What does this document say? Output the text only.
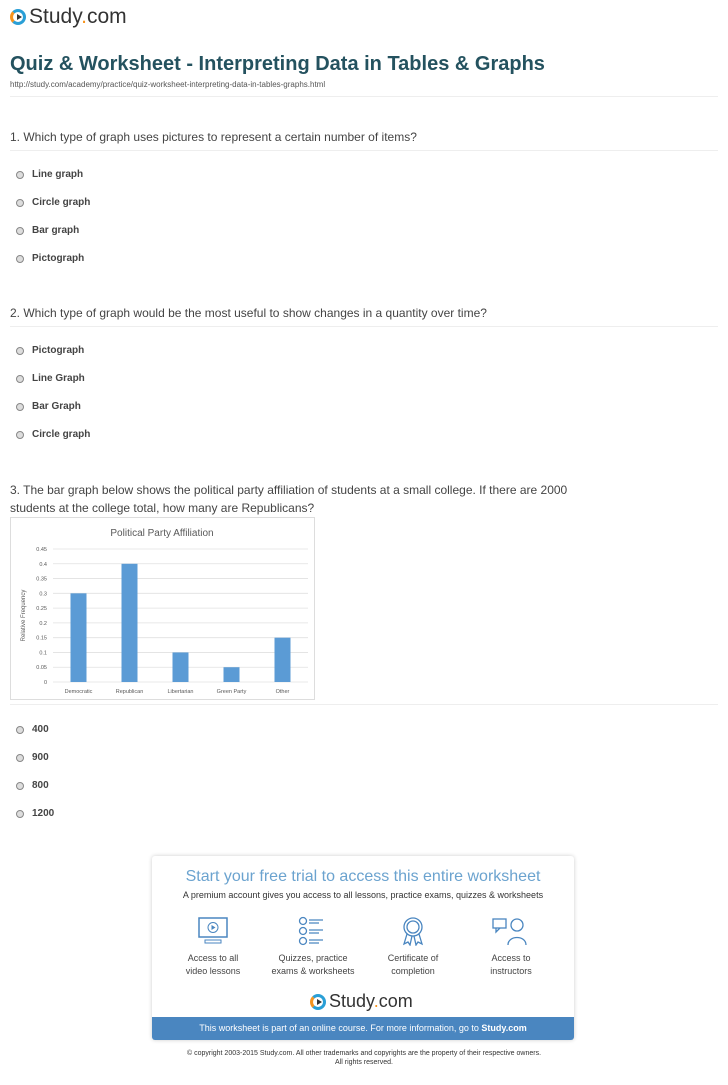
Study.com
Quiz & Worksheet - Interpreting Data in Tables & Graphs
http://study.com/academy/practice/quiz-worksheet-interpreting-data-in-tables-graphs.html
1. Which type of graph uses pictures to represent a certain number of items?
Line graph
Circle graph
Bar graph
Pictograph
2. Which type of graph would be the most useful to show changes in a quantity over time?
Pictograph
Line Graph
Bar Graph
Circle graph
3. The bar graph below shows the political party affiliation of students at a small college. If there are 2000 students at the college total, how many are Republicans?
Political Party Affiliation
0
0.05
0.1
0.15
0.2
0.25
0.3
0.35
0.4
0.45
Relative Frequency
Democratic	Republican	Libertarian	Green Party	Other
400
900
800
1200
Start your free trial to access this entire worksheet
A premium account gives you access to all lessons, practice exams, quizzes & worksheets
Access to all
video lessons
Quizzes, practice
exams & worksheets
Certificate of
completion
Access to
instructors
Study.com
This worksheet is part of an online course. For more information, go to Study.com
© copyright 2003-2015 Study.com. All other trademarks and copyrights are the property of their respective owners.
All rights reserved.
